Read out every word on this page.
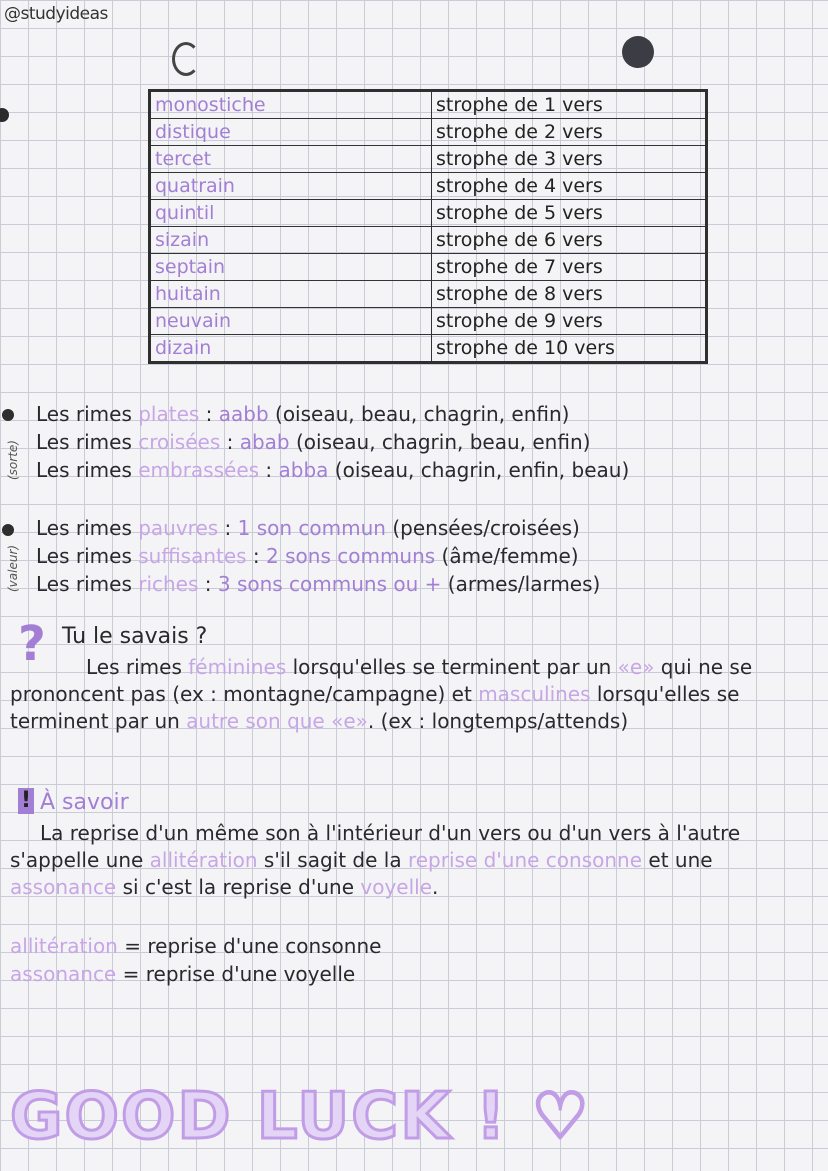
@studyideas
monostiche	strophe de 1 vers
distique	strophe de 2 vers
tercet	strophe de 3 vers
quatrain	strophe de 4 vers
quintil	strophe de 5 vers
sizain	strophe de 6 vers
septain	strophe de 7 vers
huitain	strophe de 8 vers
neuvain	strophe de 9 vers
dizain	strophe de 10 vers
(sorte)
Les rimes plates : aabb (oiseau, beau, chagrin, enfin)
Les rimes croisées : abab (oiseau, chagrin, beau, enfin)
Les rimes embrassées : abba (oiseau, chagrin, enfin, beau)
(valeur)
Les rimes pauvres : 1 son commun (pensées/croisées)
Les rimes suffisantes : 2 sons communs (âme/femme)
Les rimes riches : 3 sons communs ou + (armes/larmes)
? Tu le savais ?
Les rimes féminines lorsqu'elles se terminent par un «e» qui ne se prononcent pas (ex : montagne/campagne) et masculines lorsqu'elles se terminent par un autre son que «e». (ex : longtemps/attends)
! À savoir
La reprise d'un même son à l'intérieur d'un vers ou d'un vers à l'autre s'appelle une allitération s'il sagit de la reprise d'une consonne et une assonance si c'est la reprise d'une voyelle.
allitération = reprise d'une consonne
assonance = reprise d'une voyelle
GOOD LUCK ! ♡
